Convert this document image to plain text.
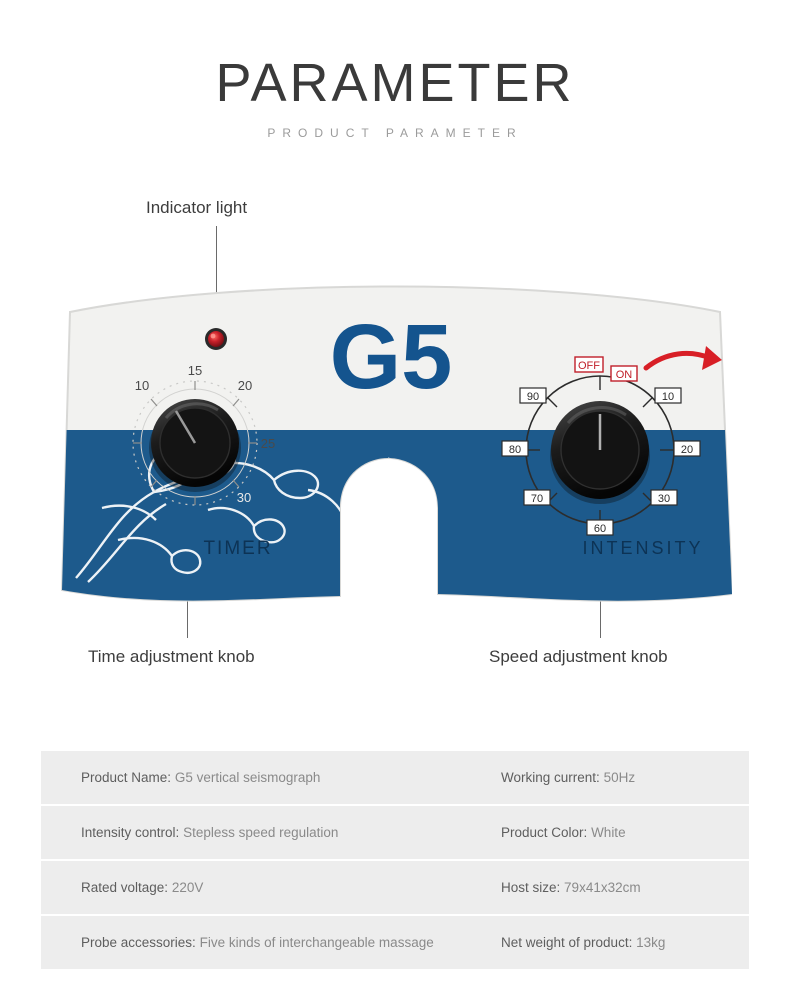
PARAMETER
PRODUCT PARAMETER
Indicator light
Time adjustment knob	Speed adjustment knob
G5
15
20
25
30
10
TIMER
OFF
ON
10
20
30
60
70
80
90
INTENSITY
Product Name: G5 vertical seismograph	Working current: 50Hz
Intensity control: Stepless speed regulation	Product Color: White
Rated voltage: 220V	Host size: 79x41x32cm
Probe accessories: Five kinds of interchangeable massage	Net weight of product: 13kg
